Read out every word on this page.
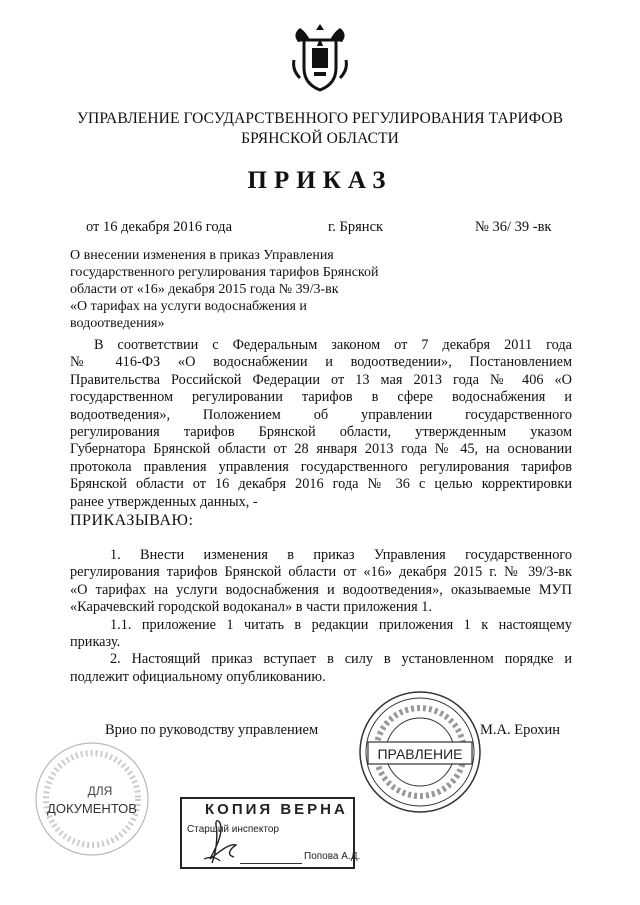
УПРАВЛЕНИЕ ГОСУДАРСТВЕННОГО РЕГУЛИРОВАНИЯ ТАРИФОВ
БРЯНСКОЙ ОБЛАСТИ
ПРИКАЗ
от 16 декабря 2016 года	г. Брянск	№ 36/ 39 -вк
О внесении изменения в приказ Управления
государственного регулирования тарифов Брянской
области от «16» декабря 2015 года № 39/3-вк
«О тарифах на услуги водоснабжения и
водоотведения»
В соответствии с Федеральным законом от 7 декабря 2011 года
№ 416-ФЗ «О водоснабжении и водоотведении», Постановлением
Правительства Российской Федерации от 13 мая 2013 года № 406 «О
государственном регулировании тарифов в сфере водоснабжения и
водоотведения», Положением об управлении государственного
регулирования тарифов Брянской области, утвержденным указом
Губернатора Брянской области от 28 января 2013 года № 45, на основании
протокола правления управления государственного регулирования тарифов
Брянской области от 16 декабря 2016 года № 36 с целью корректировки
ранее утвержденных данных, -
ПРИКАЗЫВАЮ:
1. Внести изменения в приказ Управления государственного
регулирования тарифов Брянской области от «16» декабря 2015 г. № 39/3-вк
«О тарифах на услуги водоснабжения и водоотведения», оказываемые МУП
«Карачевский городской водоканал» в части приложения 1.
1.1. приложение 1 читать в редакции приложения 1 к настоящему
приказу.
2. Настоящий приказ вступает в силу в установленном порядке и
подлежит официальному опубликованию.
Врио по руководству управлением	М.А. Ерохин
ПРАВЛЕНИЕ
ДЛЯ
ДОКУМЕНТОВ	КОПИЯ ВЕРНА
Старший инспектор
Попова А.Д.
